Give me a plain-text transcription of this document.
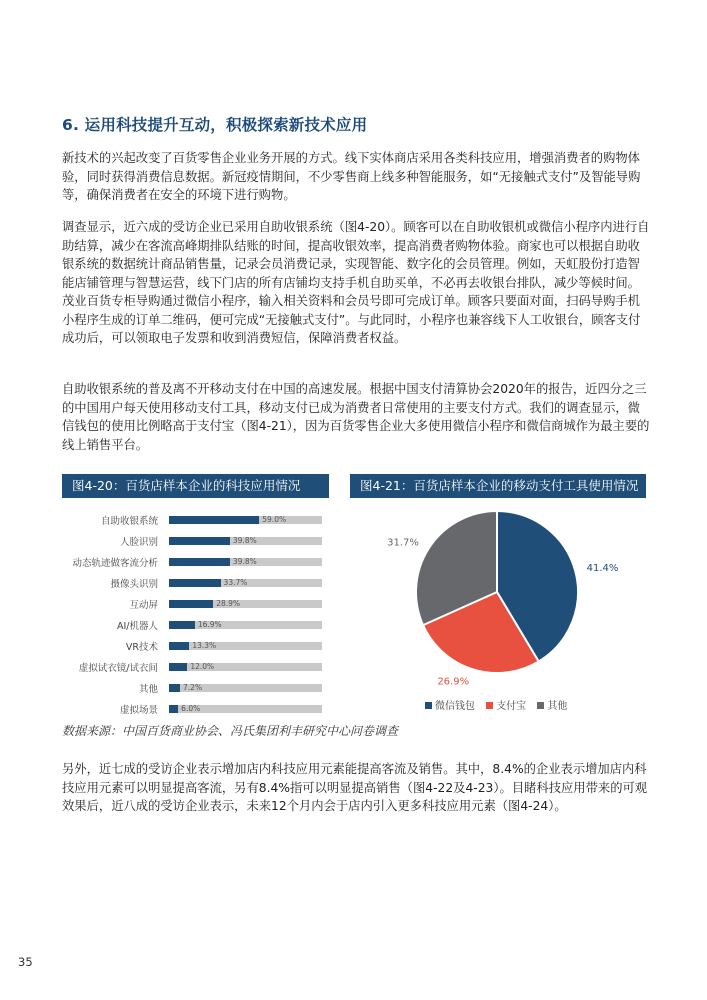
6. 运用科技提升互动，积极探索新技术应用

新技术的兴起改变了百货零售企业业务开展的方式。线下实体商店采用各类科技应用，增强消费者的购物体验，同时获得消费信息数据。新冠疫情期间，不少零售商上线多种智能服务，如“无接触式支付”及智能导购等，确保消费者在安全的环境下进行购物。

调查显示，近六成的受访企业已采用自助收银系统（图4-20）。顾客可以在自助收银机或微信小程序内进行自助结算，减少在客流高峰期排队结账的时间，提高收银效率，提高消费者购物体验。商家也可以根据自助收银系统的数据统计商品销售量，记录会员消费记录，实现智能、数字化的会员管理。例如，天虹股份打造智能店铺管理与智慧运营，线下门店的所有店铺均支持手机自助买单，不必再去收银台排队，减少等候时间。茂业百货专柜导购通过微信小程序，输入相关资料和会员号即可完成订单。顾客只要面对面，扫码导购手机小程序生成的订单二维码，便可完成“无接触式支付”。与此同时，小程序也兼容线下人工收银台，顾客支付成功后，可以领取电子发票和收到消费短信，保障消费者权益。

自助收银系统的普及离不开移动支付在中国的高速发展。根据中国支付清算协会2020年的报告，近四分之三的中国用户每天使用移动支付工具，移动支付已成为消费者日常使用的主要支付方式。我们的调查显示，微信钱包的使用比例略高于支付宝（图4-21），因为百货零售企业大多使用微信小程序和微信商城作为最主要的线上销售平台。

图4-20：百货店样本企业的科技应用情况
自助收银系统	59.0%
人脸识别	39.8%
动态轨迹做客流分析	39.8%
摄像头识别	33.7%
互动屏	28.9%
AI/机器人	16.9%
VR技术	13.3%
虚拟试衣镜/试衣间	12.0%
其他	7.2%
虚拟场景	6.0%
图4-21：百货店样本企业的移动支付工具使用情况
41.4%
26.9%
31.7%
微信钱包 支付宝 其他
数据来源：中国百货商业协会、冯氏集团利丰研究中心问卷调查

另外，近七成的受访企业表示增加店内科技应用元素能提高客流及销售。其中，8.4%的企业表示增加店内科技应用元素可以明显提高客流，另有8.4%指可以明显提高销售（图4-22及4-23）。目睹科技应用带来的可观效果后，近八成的受访企业表示，未来12个月内会于店内引入更多科技应用元素（图4-24）。

35
